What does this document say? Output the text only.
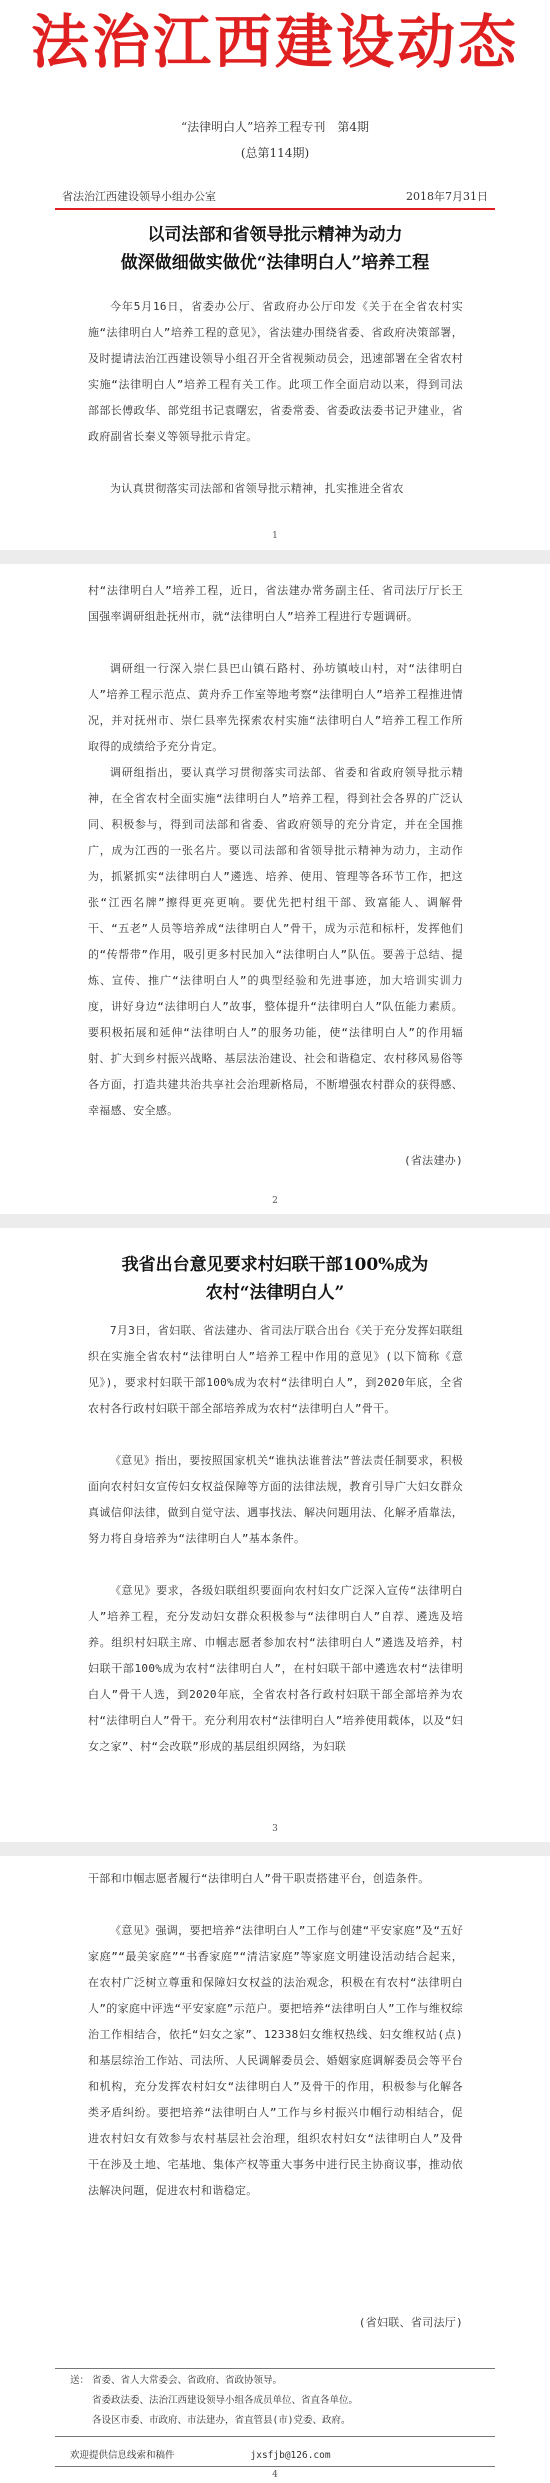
法治江西建设动态
“法律明白人”培养工程专刊　第4期
(总第114期)
省法治江西建设领导小组办公室	2018年7月31日
以司法部和省领导批示精神为动力
做深做细做实做优“法律明白人”培养工程
今年5月16日，省委办公厅、省政府办公厅印发《关于在全省农村实施“法律明白人”培养工程的意见》，省法建办围绕省委、省政府决策部署，及时提请法治江西建设领导小组召开全省视频动员会，迅速部署在全省农村实施“法律明白人”培养工程有关工作。此项工作全面启动以来，得到司法部部长傅政华、部党组书记袁曙宏，省委常委、省委政法委书记尹建业，省政府副省长秦义等领导批示肯定。
为认真贯彻落实司法部和省领导批示精神，扎实推进全省农
1
村“法律明白人”培养工程，近日，省法建办常务副主任、省司法厅厅长王国强率调研组赴抚州市，就“法律明白人”培养工程进行专题调研。
调研组一行深入崇仁县巴山镇石路村、孙坊镇岐山村，对“法律明白人”培养工程示范点、黄舟乔工作室等地考察“法律明白人”培养工程推进情况，并对抚州市、崇仁县率先探索农村实施“法律明白人”培养工程工作所取得的成绩给予充分肯定。
调研组指出，要认真学习贯彻落实司法部、省委和省政府领导批示精神，在全省农村全面实施“法律明白人”培养工程，得到社会各界的广泛认同、积极参与，得到司法部和省委、省政府领导的充分肯定，并在全国推广，成为江西的一张名片。要以司法部和省领导批示精神为动力，主动作为，抓紧抓实“法律明白人”遴选、培养、使用、管理等各环节工作，把这张“江西名牌”擦得更亮更响。要优先把村组干部、致富能人、调解骨干、“五老”人员等培养成“法律明白人”骨干，成为示范和标杆，发挥他们的“传帮带”作用，吸引更多村民加入“法律明白人”队伍。要善于总结、提炼、宣传、推广“法律明白人”的典型经验和先进事迹，加大培训实训力度，讲好身边“法律明白人”故事，整体提升“法律明白人”队伍能力素质。要积极拓展和延伸“法律明白人”的服务功能，使“法律明白人”的作用辐射、扩大到乡村振兴战略、基层法治建设、社会和谐稳定、农村移风易俗等各方面，打造共建共治共享社会治理新格局，不断增强农村群众的获得感、幸福感、安全感。
(省法建办)
2
我省出台意见要求村妇联干部100%成为
农村“法律明白人”
7月3日，省妇联、省法建办、省司法厅联合出台《关于充分发挥妇联组织在实施全省农村“法律明白人”培养工程中作用的意见》(以下简称《意见》)，要求村妇联干部100%成为农村“法律明白人”，到2020年底，全省农村各行政村妇联干部全部培养成为农村“法律明白人”骨干。
《意见》指出，要按照国家机关“谁执法谁普法”普法责任制要求，积极面向农村妇女宣传妇女权益保障等方面的法律法规，教育引导广大妇女群众真诚信仰法律，做到自觉守法、遇事找法、解决问题用法、化解矛盾靠法，努力将自身培养为“法律明白人”基本条件。
《意见》要求，各级妇联组织要面向农村妇女广泛深入宣传“法律明白人”培养工程，充分发动妇女群众积极参与“法律明白人”自荐、遴选及培养。组织村妇联主席、巾帼志愿者参加农村“法律明白人”遴选及培养，村妇联干部100%成为农村“法律明白人”，在村妇联干部中遴选农村“法律明白人”骨干人选，到2020年底，全省农村各行政村妇联干部全部培养为农村“法律明白人”骨干。充分利用农村“法律明白人”培养使用载体，以及“妇女之家”、村“会改联”形成的基层组织网络，为妇联
3
干部和巾帼志愿者履行“法律明白人”骨干职责搭建平台，创造条件。
《意见》强调，要把培养“法律明白人”工作与创建“平安家庭”及“五好家庭”“最美家庭”“书香家庭”“清洁家庭”等家庭文明建设活动结合起来，在农村广泛树立尊重和保障妇女权益的法治观念，积极在有农村“法律明白人”的家庭中评选“平安家庭”示范户。要把培养“法律明白人”工作与维权综治工作相结合，依托“妇女之家”、12338妇女维权热线、妇女维权站(点)和基层综治工作站、司法所、人民调解委员会、婚姻家庭调解委员会等平台和机构，充分发挥农村妇女“法律明白人”及骨干的作用，积极参与化解各类矛盾纠纷。要把培养“法律明白人”工作与乡村振兴巾帼行动相结合，促进农村妇女有效参与农村基层社会治理，组织农村妇女“法律明白人”及骨干在涉及土地、宅基地、集体产权等重大事务中进行民主协商议事，推动依法解决问题，促进农村和谐稳定。
(省妇联、省司法厅)
送： 省委、省人大常委会、省政府、省政协领导。
省委政法委、法治江西建设领导小组各成员单位、省直各单位。
各设区市委、市政府、市法建办，省直管县(市)党委、政府。
欢迎提供信息线索和稿件　　　　　　　　jxsfjb@126.com
4
